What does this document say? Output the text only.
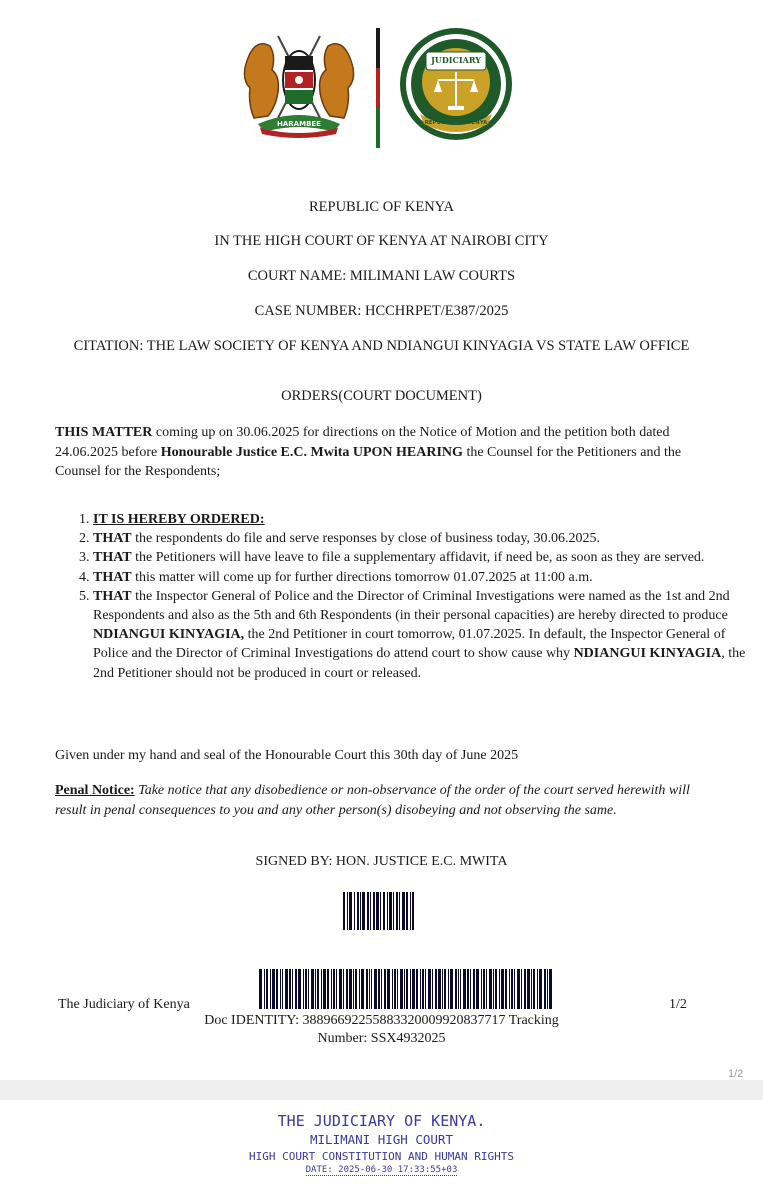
HARAMBEE
JUDICIARY
REPUBLIC OF KENYA
REPUBLIC OF KENYA
IN THE HIGH COURT OF KENYA AT NAIROBI CITY
COURT NAME: MILIMANI LAW COURTS
CASE NUMBER: HCCHRPET/E387/2025
CITATION: THE LAW SOCIETY OF KENYA AND NDIANGUI KINYAGIA VS STATE LAW OFFICE
ORDERS(COURT DOCUMENT)
THIS MATTER coming up on 30.06.2025 for directions on the Notice of Motion and the petition both dated 24.06.2025 before Honourable Justice E.C. Mwita UPON HEARING the Counsel for the Petitioners and the Counsel for the Respondents;
1. IT IS HEREBY ORDERED:
2. THAT the respondents do file and serve responses by close of business today, 30.06.2025.
3. THAT the Petitioners will have leave to file a supplementary affidavit, if need be, as soon as they are served.
4. THAT this matter will come up for further directions tomorrow 01.07.2025 at 11:00 a.m.
5. THAT the Inspector General of Police and the Director of Criminal Investigations were named as the 1st and 2nd Respondents and also as the 5th and 6th Respondents (in their personal capacities) are hereby directed to produce NDIANGUI KINYAGIA, the 2nd Petitioner in court tomorrow, 01.07.2025. In default, the Inspector General of Police and the Director of Criminal Investigations do attend court to show cause why NDIANGUI KINYAGIA, the 2nd Petitioner should not be produced in court or released.
Given under my hand and seal of the Honourable Court this 30th day of June 2025
Penal Notice: Take notice that any disobedience or non-observance of the order of the court served herewith will result in penal consequences to you and any other person(s) disobeying and not observing the same.
SIGNED BY: HON. JUSTICE E.C. MWITA
The Judiciary of Kenya	1/2
Doc IDENTITY: 38896692255883320009920837717 Tracking
Number: SSX4932025
1/2
THE JUDICIARY OF KENYA.
MILIMANI HIGH COURT
HIGH COURT CONSTITUTION AND HUMAN RIGHTS
DATE: 2025-06-30 17:33:55+03
